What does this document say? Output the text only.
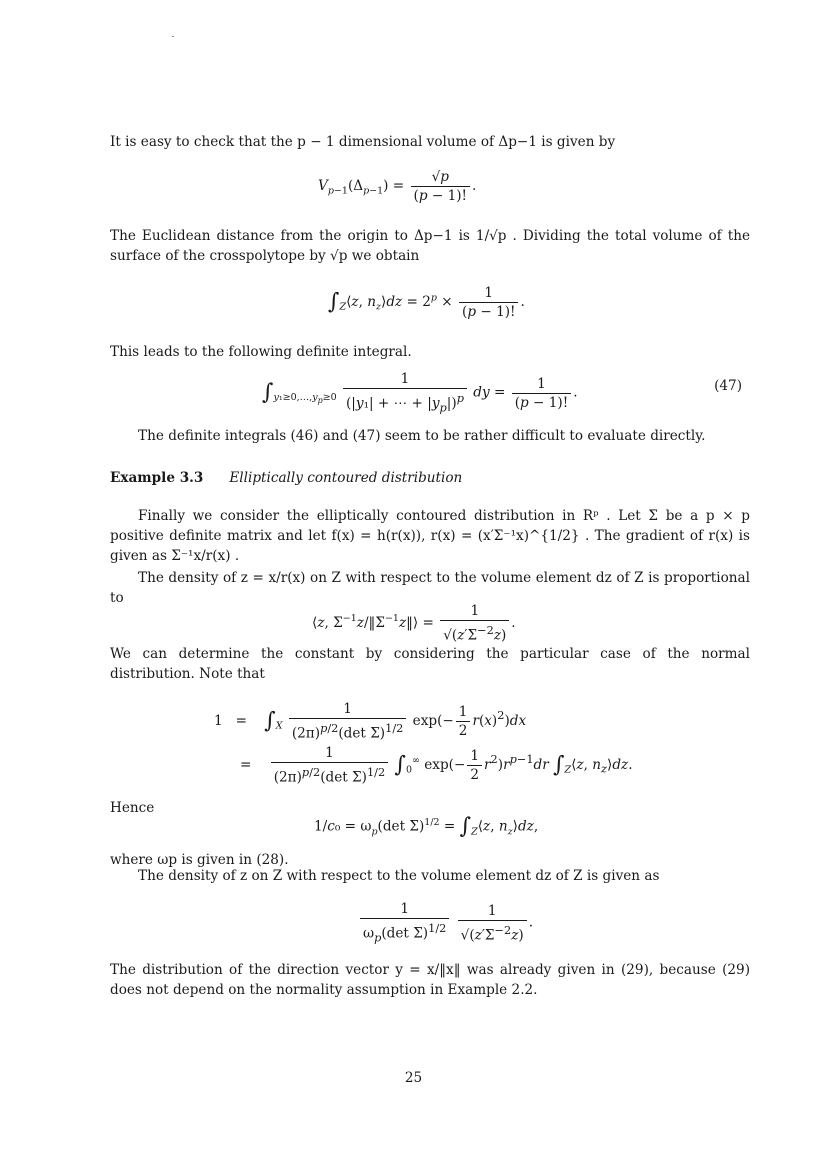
It is easy to check that the p − 1 dimensional volume of Δp−1 is given by
$V_{p-1}(\Delta_{p-1}) = \frac{√p}{(p - 1)!}$ .
The Euclidean distance from the origin to Δp−1 is 1/√p . Dividing the total volume of the surface of the crosspolytope by √p we obtain
$\int_Z⟨z$, $n_z⟩dz = 2^p \times \frac{1}{(p - 1)!}$ .
This leads to the following definite integral.
$\int_{y_1\ge 0,\dots,y_p\ge 0} \frac{1}{(|y_1| + \cdots + |y_p|)^p}$ dy = $\frac{1}{(p - 1)!}$ .	(47)
The definite integrals (46) and (47) seem to be rather difficult to evaluate directly.
Example 3.3 Elliptically contoured distribution
Finally we consider the elliptically contoured distribution in Rᵖ . Let Σ be a p × p positive definite matrix and let f(x) = h(r(x)), r(x) = (x′Σ⁻¹x)^{1/2} . The gradient of r(x) is given as Σ⁻¹x/r(x) .
The density of z = x/r(x) on Z with respect to the volume element dz of Z is proportional to
⟨z, $\Sigma^{-1}z/‖\Sigma^{-1}z‖⟩ = \frac{1}{√(z'\Sigma^{-2}z)}$ .
We can determine the constant by considering the particular case of the normal distribution. Note that
1   =    $\int_X \frac{1}{(2\pi)^{p/2}(\det \Sigma)^{1/2}} \exp(- \frac{1}{2} r(x)^2)dx$
= $\frac{1}{(2\pi)^{p/2}(\det \Sigma)^{1/2}} \int_0^\infty$ $\exp(- \frac{1}{2} r^2)r^{p-1}dr$ $\int_Z⟨z$, $n_z⟩dz$.
Hence
$1/c_0 = \omega_p(\det$ $\Sigma)^{1/2} = \int_Z⟨z$, $n_z⟩dz$,
where ωp is given in (28).
The density of z on Z with respect to the volume element dz of Z is given as
$\frac{1}{\omega_p(\det \Sigma)^{1/2}}$
$\frac{1}{√(z'\Sigma^{-2}z)}$ .
The distribution of the direction vector y = x/‖x‖ was already given in (29), because (29) does not depend on the normality assumption in Example 2.2.
25
